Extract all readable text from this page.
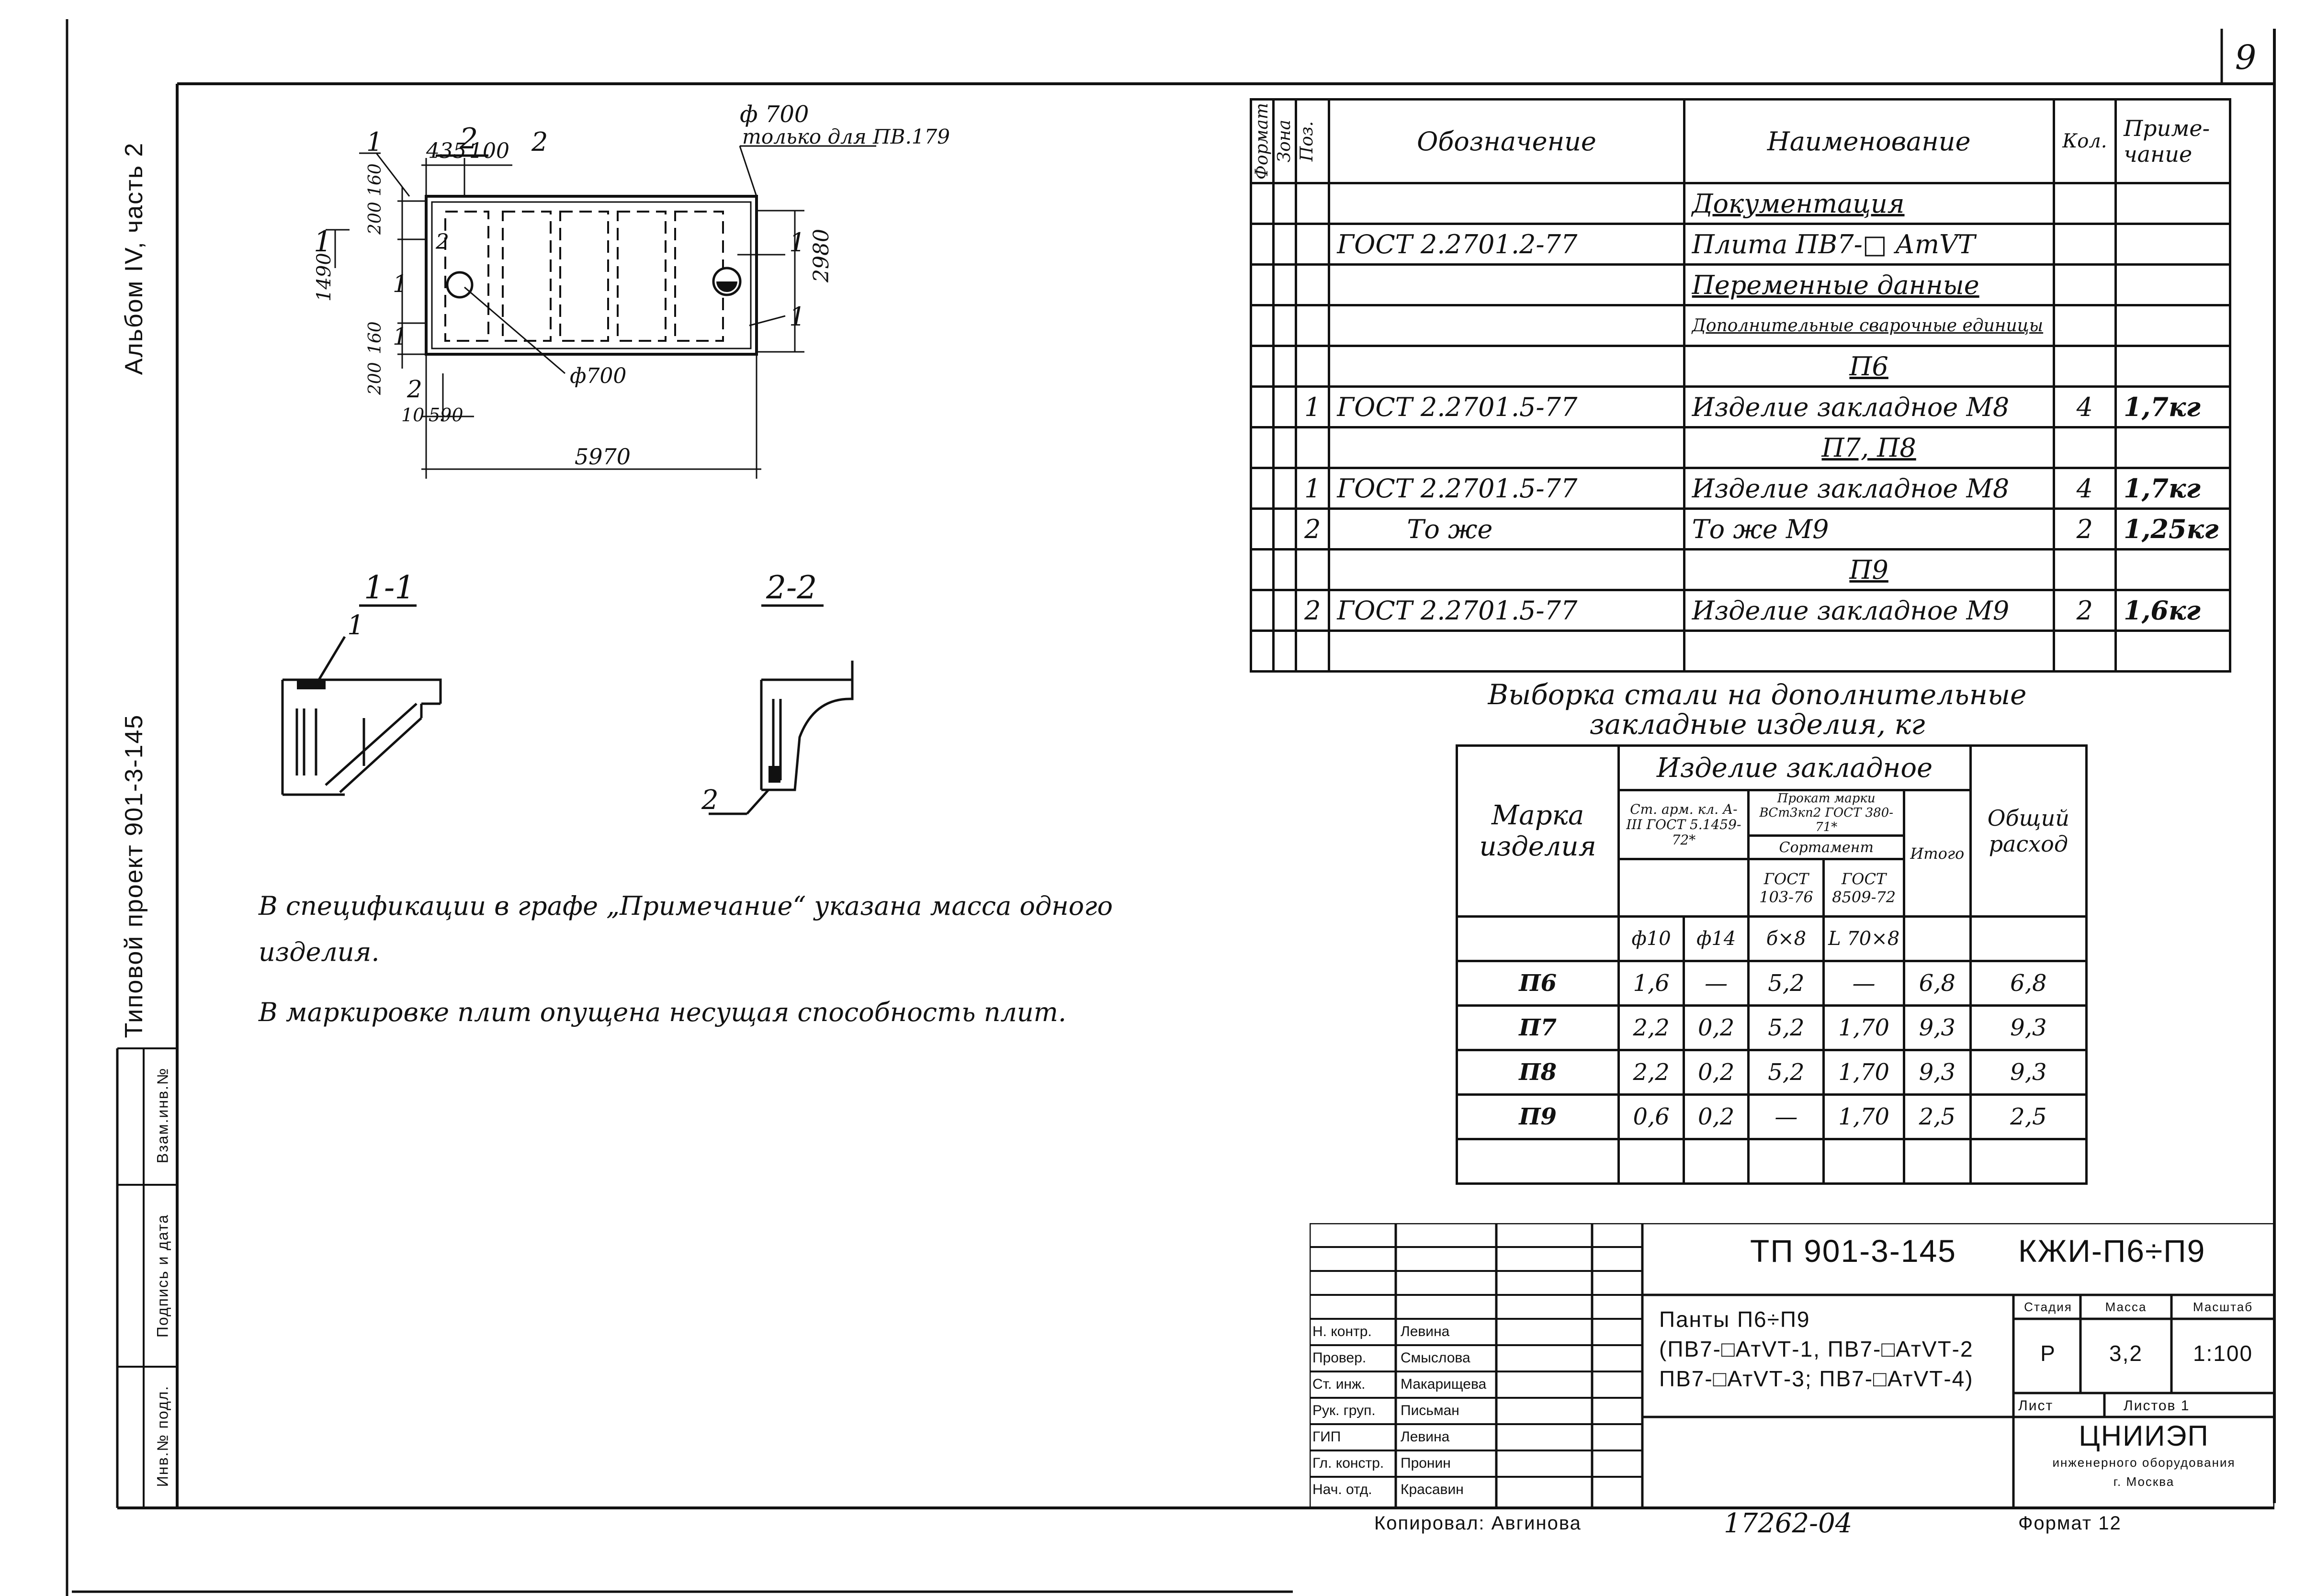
9
Типовой проект 901-3-145
Альбом IV, часть 2
Инв.№ подл.
Подпись и дата
Взам.инв.№
2
435 100
1	2
ф 700
только для ПВ.179
1
1
2980
1
160
200
1490
160
200
2
1
1
2	ф700
10 590
5970
1-1
1
2-2
2
В спецификации в графе „Примечание“ указана масса одного изделия.
В маркировке плит опущена несущая способность плит.
Формат	Зона	Поз.	Обозначение	Наименование	Кол.	Приме-чание
				Документация		
			ГОСТ 2.2701.2-77	Плита ПВ7-□ АтVТ		
				Переменные данные		
				Дополнительные сварочные единицы		
				П6		
		1	ГОСТ 2.2701.5-77	Изделие закладное М8	4	1,7кг
				П7, П8		
		1	ГОСТ 2.2701.5-77	Изделие закладное М8	4	1,7кг
		2	То же	То же М9	2	1,25кг
				П9		
		2	ГОСТ 2.2701.5-77	Изделие закладное М9	2	1,6кг

Выборка стали на дополнительные закладные изделия, кг
Марка изделия	Изделие закладное					Общий расход
	Ст. арм. кл. А-III ГОСТ 5.1459-72*		Прокат марки ВСт3кп2 ГОСТ 380-71*		Итого	
			Сортамент			
			ГОСТ 103-76	ГОСТ 8509-72		
	ф10	ф14	б×8	L 70×8		
П6	1,6	—	5,2	—	6,8	6,8
П7	2,2	0,2	5,2	1,70	9,3	9,3
П8	2,2	0,2	5,2	1,70	9,3	9,3
П9	0,6	0,2	—	1,70	2,5	2,5

ТП 901-3-145 КЖИ-П6÷П9
Панты П6÷П9
(ПВ7-□АтVТ-1, ПВ7-□АтVТ-2
ПВ7-□АтVТ-3; ПВ7-□АтVТ-4)
Стадия	Масса	Масштаб
Р	3,2	1:100
Лист	Листов 1
ЦНИИЭП
инженерного оборудования
г. Москва
Н. контр. Левина
Провер. Смыслова
Ст. инж. Макарищева
Рук. груп. Письман
ГИП	Левина
Гл. констр. Пронин
Нач. отд. Красавин
Копировал: Авгинова	17262-04	Формат 12
